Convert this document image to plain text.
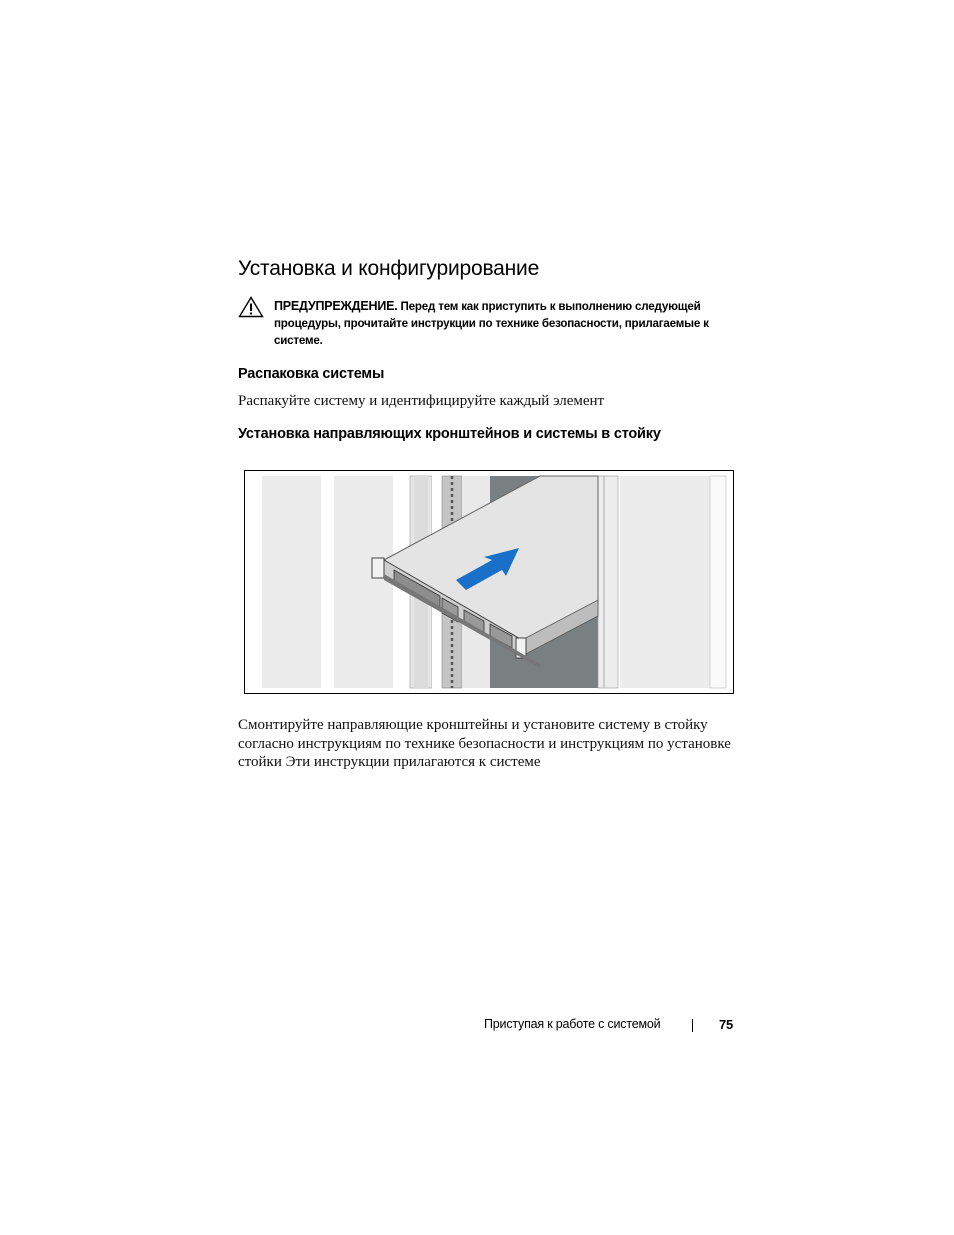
Установка и конфигурирование
ПРЕДУПРЕЖДЕНИЕ. Перед тем как приступить к выполнению следующей процедуры, прочитайте инструкции по технике безопасности, прилагаемые к системе.
Распаковка системы
Распакуйте систему и идентифицируйте каждый элемент
Установка направляющих кронштейнов и системы в стойку
Смонтируйте направляющие кронштейны и установите систему в стойку согласно инструкциям по технике безопасности и инструкциям по установке стойки Эти инструкции прилагаются к системе
Приступая к работе с системой	75
